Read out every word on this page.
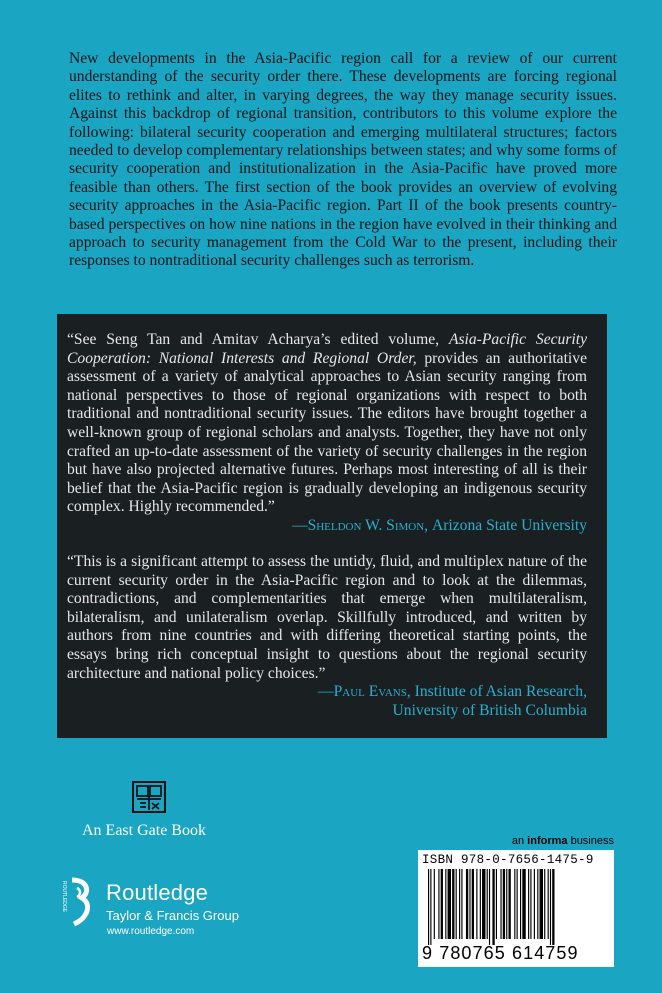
New developments in the Asia-Pacific region call for a review of our current understanding of the security order there. These developments are forcing regional elites to rethink and alter, in varying degrees, the way they manage security issues. Against this backdrop of regional transition, contributors to this volume explore the following: bilateral security cooperation and emerging multilateral structures; factors needed to develop complementary relationships between states; and why some forms of security cooperation and institutionalization in the Asia-Pacific have proved more feasible than others. The first section of the book provides an overview of evolving security approaches in the Asia-Pacific region. Part II of the book presents country-based perspectives on how nine nations in the region have evolved in their thinking and approach to security management from the Cold War to the present, including their responses to nontraditional security challenges such as terrorism.

“See Seng Tan and Amitav Acharya’s edited volume, Asia-Pacific Security Cooperation: National Interests and Regional Order, provides an authoritative assessment of a variety of analytical approaches to Asian security ranging from national perspectives to those of regional organizations with respect to both traditional and nontraditional security issues. The editors have brought together a well-known group of regional scholars and analysts. Together, they have not only crafted an up-to-date assessment of the variety of security challenges in the region but have also projected alternative futures. Perhaps most interesting of all is their belief that the Asia-Pacific region is gradually developing an indigenous security complex. Highly recommended.”
—Sheldon W. Simon, Arizona State University

“This is a significant attempt to assess the untidy, fluid, and multiplex nature of the current security order in the Asia-Pacific region and to look at the dilemmas, contradictions, and complementarities that emerge when multilateralism, bilateralism, and unilateralism overlap. Skillfully introduced, and written by authors from nine countries and with differing theoretical starting points, the essays bring rich conceptual insight to questions about the regional security architecture and national policy choices.”
—Paul Evans, Institute of Asian Research,
University of British Columbia

An East Gate Book
ROUTLEDGE Routledge
Taylor & Francis Group
www.routledge.com
an informa business
ISBN 978-0-7656-1475-9
9 780765 614759
